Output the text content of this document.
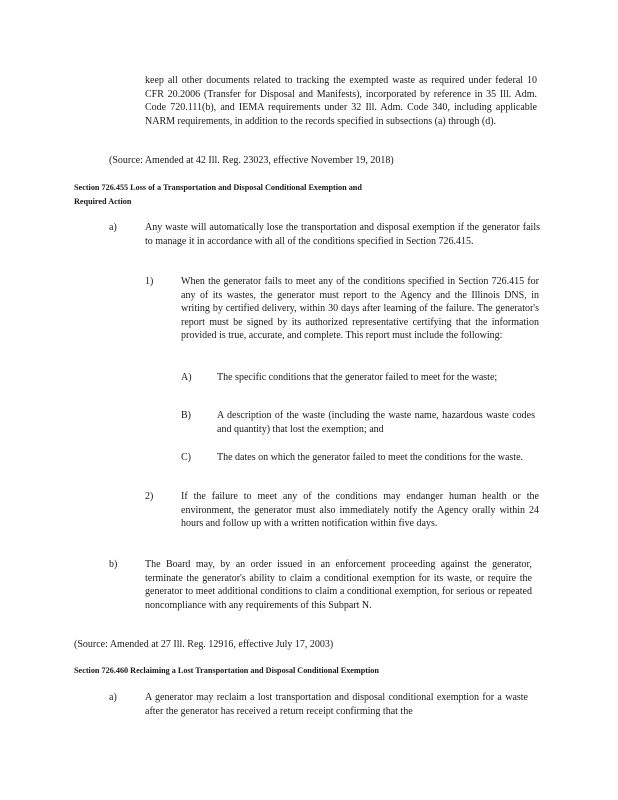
keep all other documents related to tracking the exempted waste as required under federal 10 CFR 20.2006 (Transfer for Disposal and Manifests), incorporated by reference in 35 Ill. Adm. Code 720.111(b), and IEMA requirements under 32 Ill. Adm. Code 340, including applicable NARM requirements, in addition to the records specified in subsections (a) through (d).
(Source: Amended at 42 Ill. Reg. 23023, effective November 19, 2018)
Section 726.455 Loss of a Transportation and Disposal Conditional Exemption and
Required Action
a)	Any waste will automatically lose the transportation and disposal exemption if the generator fails to manage it in accordance with all of the conditions specified in Section 726.415.
1)	When the generator fails to meet any of the conditions specified in Section 726.415 for any of its wastes, the generator must report to the Agency and the Illinois DNS, in writing by certified delivery, within 30 days after learning of the failure. The generator's report must be signed by its authorized representative certifying that the information provided is true, accurate, and complete. This report must include the following:
A)	The specific conditions that the generator failed to meet for the waste;
B)	A description of the waste (including the waste name, hazardous waste codes and quantity) that lost the exemption; and
C)	The dates on which the generator failed to meet the conditions for the waste.
2)	If the failure to meet any of the conditions may endanger human health or the environment, the generator must also immediately notify the Agency orally within 24 hours and follow up with a written notification within five days.
b)	The Board may, by an order issued in an enforcement proceeding against the generator, terminate the generator's ability to claim a conditional exemption for its waste, or require the generator to meet additional conditions to claim a conditional exemption, for serious or repeated noncompliance with any requirements of this Subpart N.
(Source: Amended at 27 Ill. Reg. 12916, effective July 17, 2003)
Section 726.460 Reclaiming a Lost Transportation and Disposal Conditional Exemption
a)	A generator may reclaim a lost transportation and disposal conditional exemption for a waste after the generator has received a return receipt confirming that the
